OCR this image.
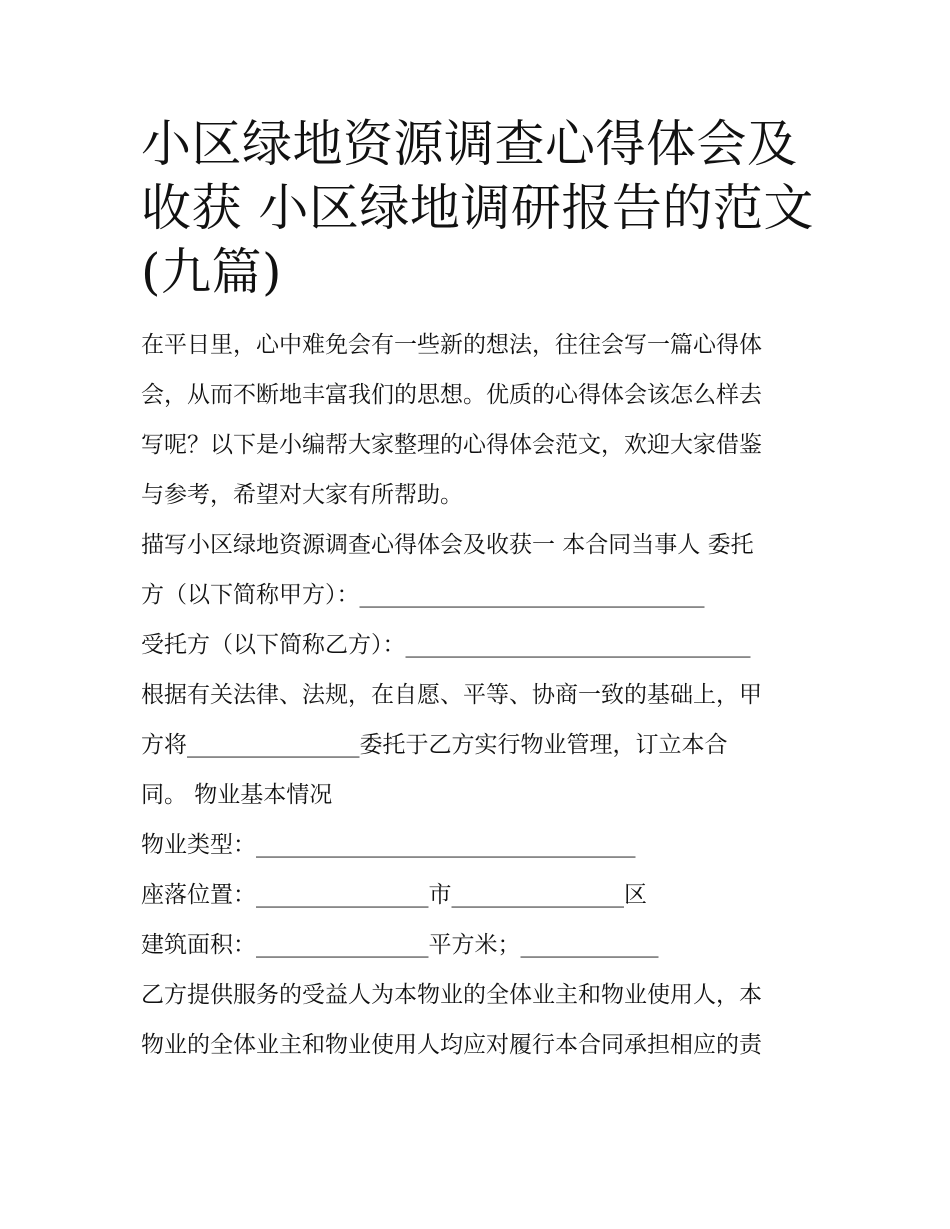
小区绿地资源调查心得体会及
收获 小区绿地调研报告的范文
(九篇)
在平日里，心中难免会有一些新的想法，往往会写一篇心得体
会，从而不断地丰富我们的思想。优质的心得体会该怎么样去
写呢？以下是小编帮大家整理的心得体会范文，欢迎大家借鉴
与参考，希望对大家有所帮助。
描写小区绿地资源调查心得体会及收获一 本合同当事人 委托
方（以下简称甲方）：______________________________
受托方（以下简称乙方）：______________________________
根据有关法律、法规，在自愿、平等、协商一致的基础上，甲
方将_______________委托于乙方实行物业管理，订立本合
同。 物业基本情况
物业类型：_________________________________
座落位置：_______________市_______________区
建筑面积：_______________平方米；____________
乙方提供服务的受益人为本物业的全体业主和物业使用人，本
物业的全体业主和物业使用人均应对履行本合同承担相应的责
